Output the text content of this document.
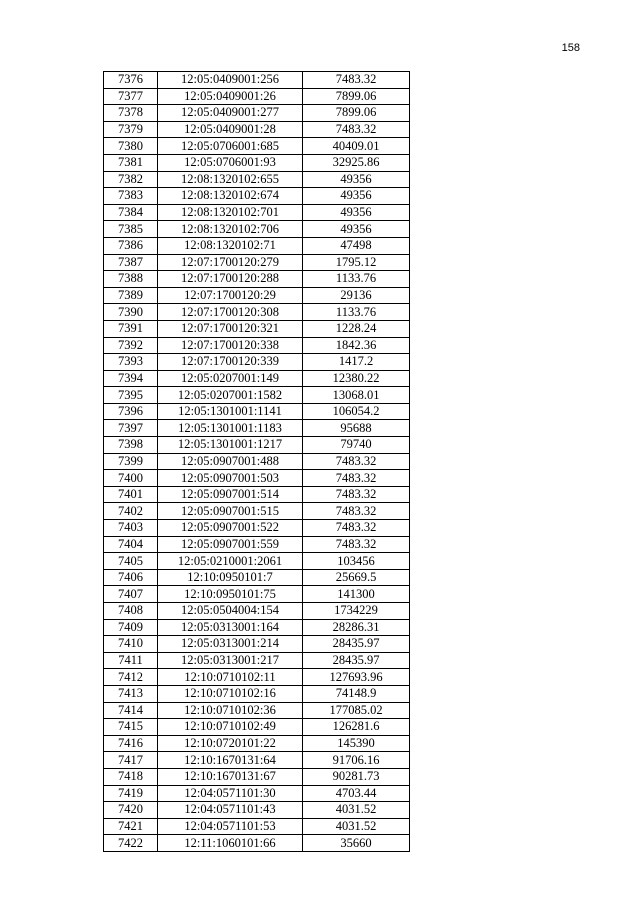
158
7376	12:05:0409001:256	7483.32
7377	12:05:0409001:26	7899.06
7378	12:05:0409001:277	7899.06
7379	12:05:0409001:28	7483.32
7380	12:05:0706001:685	40409.01
7381	12:05:0706001:93	32925.86
7382	12:08:1320102:655	49356
7383	12:08:1320102:674	49356
7384	12:08:1320102:701	49356
7385	12:08:1320102:706	49356
7386	12:08:1320102:71	47498
7387	12:07:1700120:279	1795.12
7388	12:07:1700120:288	1133.76
7389	12:07:1700120:29	29136
7390	12:07:1700120:308	1133.76
7391	12:07:1700120:321	1228.24
7392	12:07:1700120:338	1842.36
7393	12:07:1700120:339	1417.2
7394	12:05:0207001:149	12380.22
7395	12:05:0207001:1582	13068.01
7396	12:05:1301001:1141	106054.2
7397	12:05:1301001:1183	95688
7398	12:05:1301001:1217	79740
7399	12:05:0907001:488	7483.32
7400	12:05:0907001:503	7483.32
7401	12:05:0907001:514	7483.32
7402	12:05:0907001:515	7483.32
7403	12:05:0907001:522	7483.32
7404	12:05:0907001:559	7483.32
7405	12:05:0210001:2061	103456
7406	12:10:0950101:7	25669.5
7407	12:10:0950101:75	141300
7408	12:05:0504004:154	1734229
7409	12:05:0313001:164	28286.31
7410	12:05:0313001:214	28435.97
7411	12:05:0313001:217	28435.97
7412	12:10:0710102:11	127693.96
7413	12:10:0710102:16	74148.9
7414	12:10:0710102:36	177085.02
7415	12:10:0710102:49	126281.6
7416	12:10:0720101:22	145390
7417	12:10:1670131:64	91706.16
7418	12:10:1670131:67	90281.73
7419	12:04:0571101:30	4703.44
7420	12:04:0571101:43	4031.52
7421	12:04:0571101:53	4031.52
7422	12:11:1060101:66	35660
